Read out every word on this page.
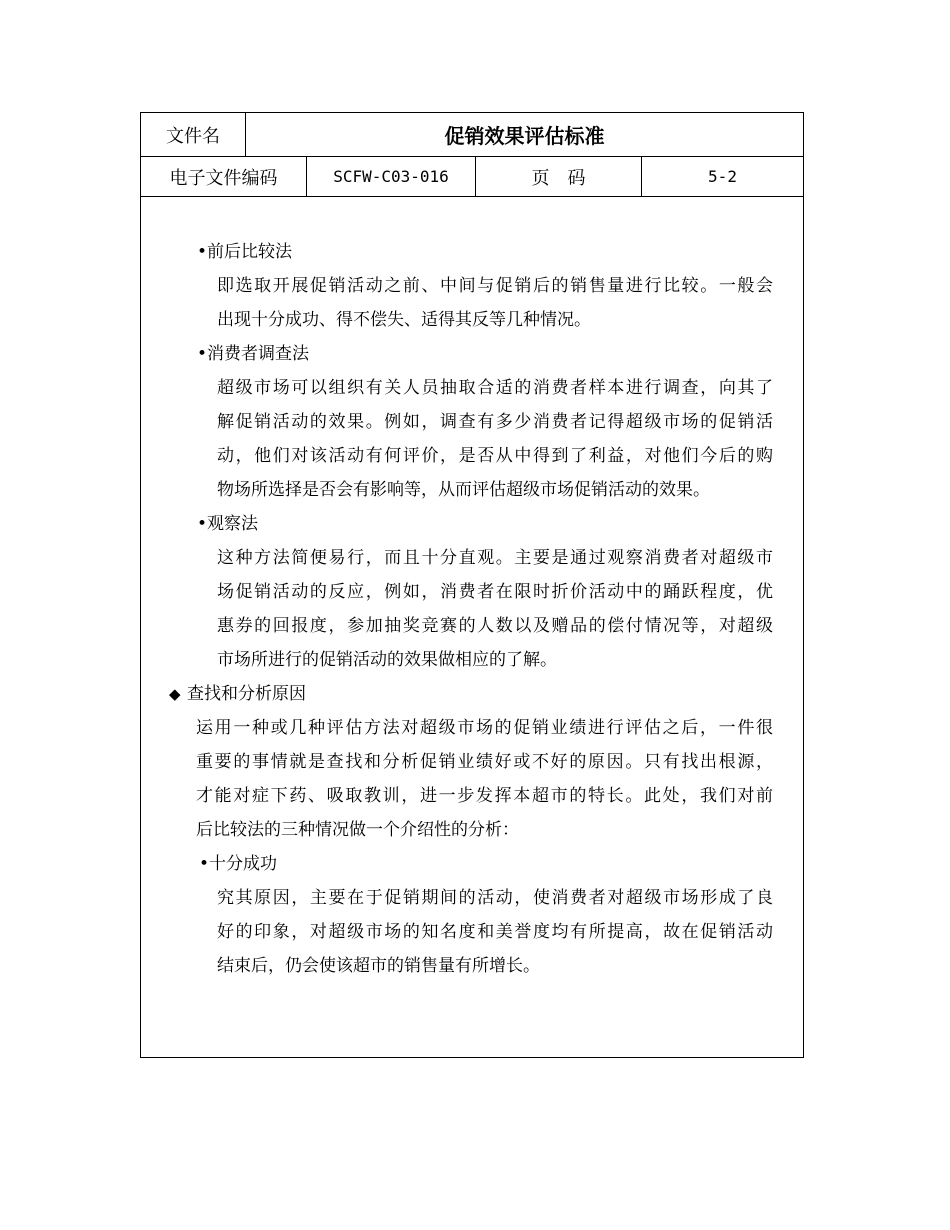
文件名	促销效果评估标准
电子文件编码	SCFW-C03-016	页　码	5-2
• 前后比较法
即选取开展促销活动之前、中间与促销后的销售量进行比较。一般会
出现十分成功、得不偿失、适得其反等几种情况。
• 消费者调查法
超级市场可以组织有关人员抽取合适的消费者样本进行调查，向其了
解促销活动的效果。例如，调查有多少消费者记得超级市场的促销活
动，他们对该活动有何评价，是否从中得到了利益，对他们今后的购
物场所选择是否会有影响等，从而评估超级市场促销活动的效果。
• 观察法
这种方法简便易行，而且十分直观。主要是通过观察消费者对超级市
场促销活动的反应，例如，消费者在限时折价活动中的踊跃程度，优
惠券的回报度，参加抽奖竞赛的人数以及赠品的偿付情况等，对超级
市场所进行的促销活动的效果做相应的了解。
◆ 查找和分析原因
运用一种或几种评估方法对超级市场的促销业绩进行评估之后，一件很
重要的事情就是查找和分析促销业绩好或不好的原因。只有找出根源，
才能对症下药、吸取教训，进一步发挥本超市的特长。此处，我们对前
后比较法的三种情况做一个介绍性的分析：
• 十分成功
究其原因，主要在于促销期间的活动，使消费者对超级市场形成了良
好的印象，对超级市场的知名度和美誉度均有所提高，故在促销活动
结束后，仍会使该超市的销售量有所增长。
